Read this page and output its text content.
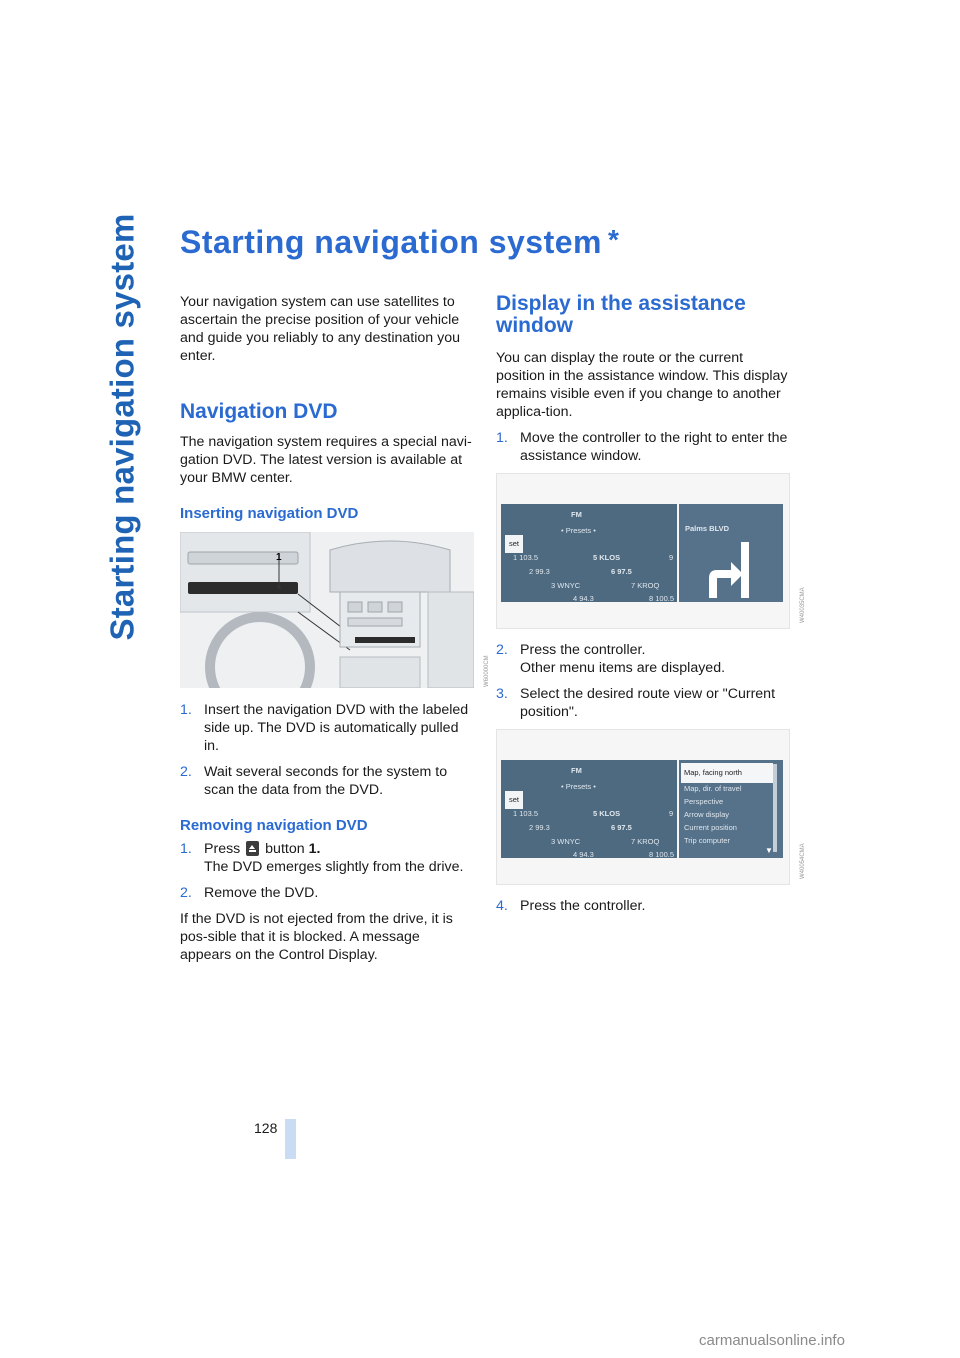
Starting navigation system Starting navigation system *

Your navigation system can use satellites to ascertain the precise position of your vehicle and guide you reliably to any destination you enter.

Navigation DVD

The navigation system requires a special navi-gation DVD. The latest version is available at your BMW center.

Inserting navigation DVD
1
W60000CM
1. Insert the navigation DVD with the labeled side up. The DVD is automatically pulled in.
2. Wait several seconds for the system to scan the data from the DVD.
Removing navigation DVD
1. Press button 1.
The DVD emerges slightly from the drive.
2. Remove the DVD.

If the DVD is not ejected from the drive, it is pos-sible that it is blocked. A message appears on the Control Display.

Display in the assistance window

You can display the route or the current position in the assistance window. This display remains visible even if you change to another applica-tion.

1. Move the controller to the right to enter the assistance window.
FM
• Presets •
set
1 103.5	5 KLOS	9
2 99.3	6 97.5
3 WNYC	7 KROQ
4 94.3	8 100.5
Palms BLVD
W40035CMA
2. Press the controller.
Other menu items are displayed.
3. Select the desired route view or "Current position".
FM
• Presets •
set
1 103.5	5 KLOS	9
2 99.3	6 97.5
3 WNYC	7 KROQ
4 94.3	8 100.5
Map, facing north
Map, dir. of travel
Perspective
Arrow display
Current position
Trip computer
▼	W40054CMA
4. Press the controller.
128
carmanualsonline.info
